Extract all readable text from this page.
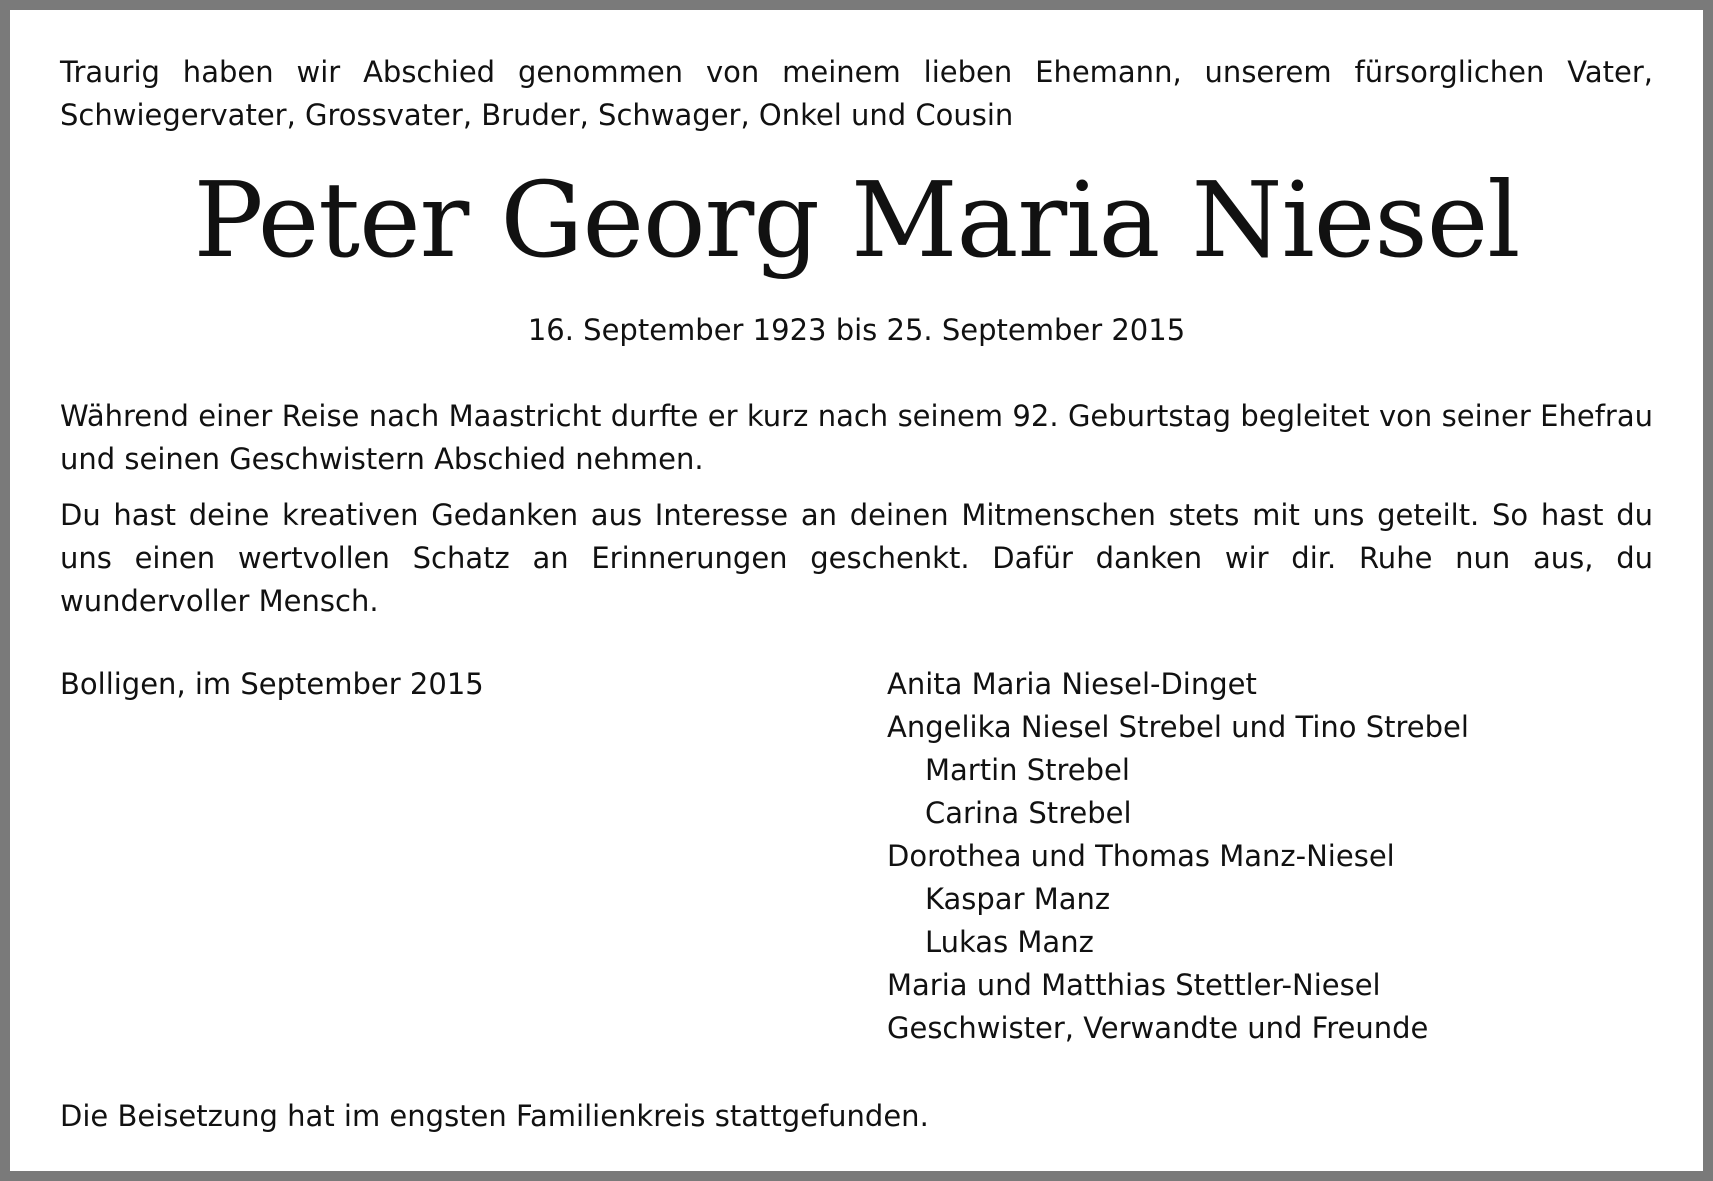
Traurig haben wir Abschied genommen von meinem lieben Ehemann, unserem fürsorglichen Vater, Schwiegervater, Grossvater, Bruder, Schwager, Onkel und Cousin

Peter Georg Maria Niesel
16. September 1923 bis 25. September 2015

Während einer Reise nach Maastricht durfte er kurz nach seinem 92. Geburtstag begleitet von seiner Ehefrau und seinen Geschwistern Abschied nehmen.

Du hast deine kreativen Gedanken aus Interesse an deinen Mitmenschen stets mit uns geteilt. So hast du uns einen wertvollen Schatz an Erinnerungen geschenkt. Dafür danken wir dir. Ruhe nun aus, du wundervoller Mensch.

Bolligen, im September 2015	Anita Maria Niesel-Dinget
Angelika Niesel Strebel und Tino Strebel
Martin Strebel
Carina Strebel
Dorothea und Thomas Manz-Niesel
Kaspar Manz
Lukas Manz
Maria und Matthias Stettler-Niesel
Geschwister, Verwandte und Freunde
Die Beisetzung hat im engsten Familienkreis stattgefunden.
